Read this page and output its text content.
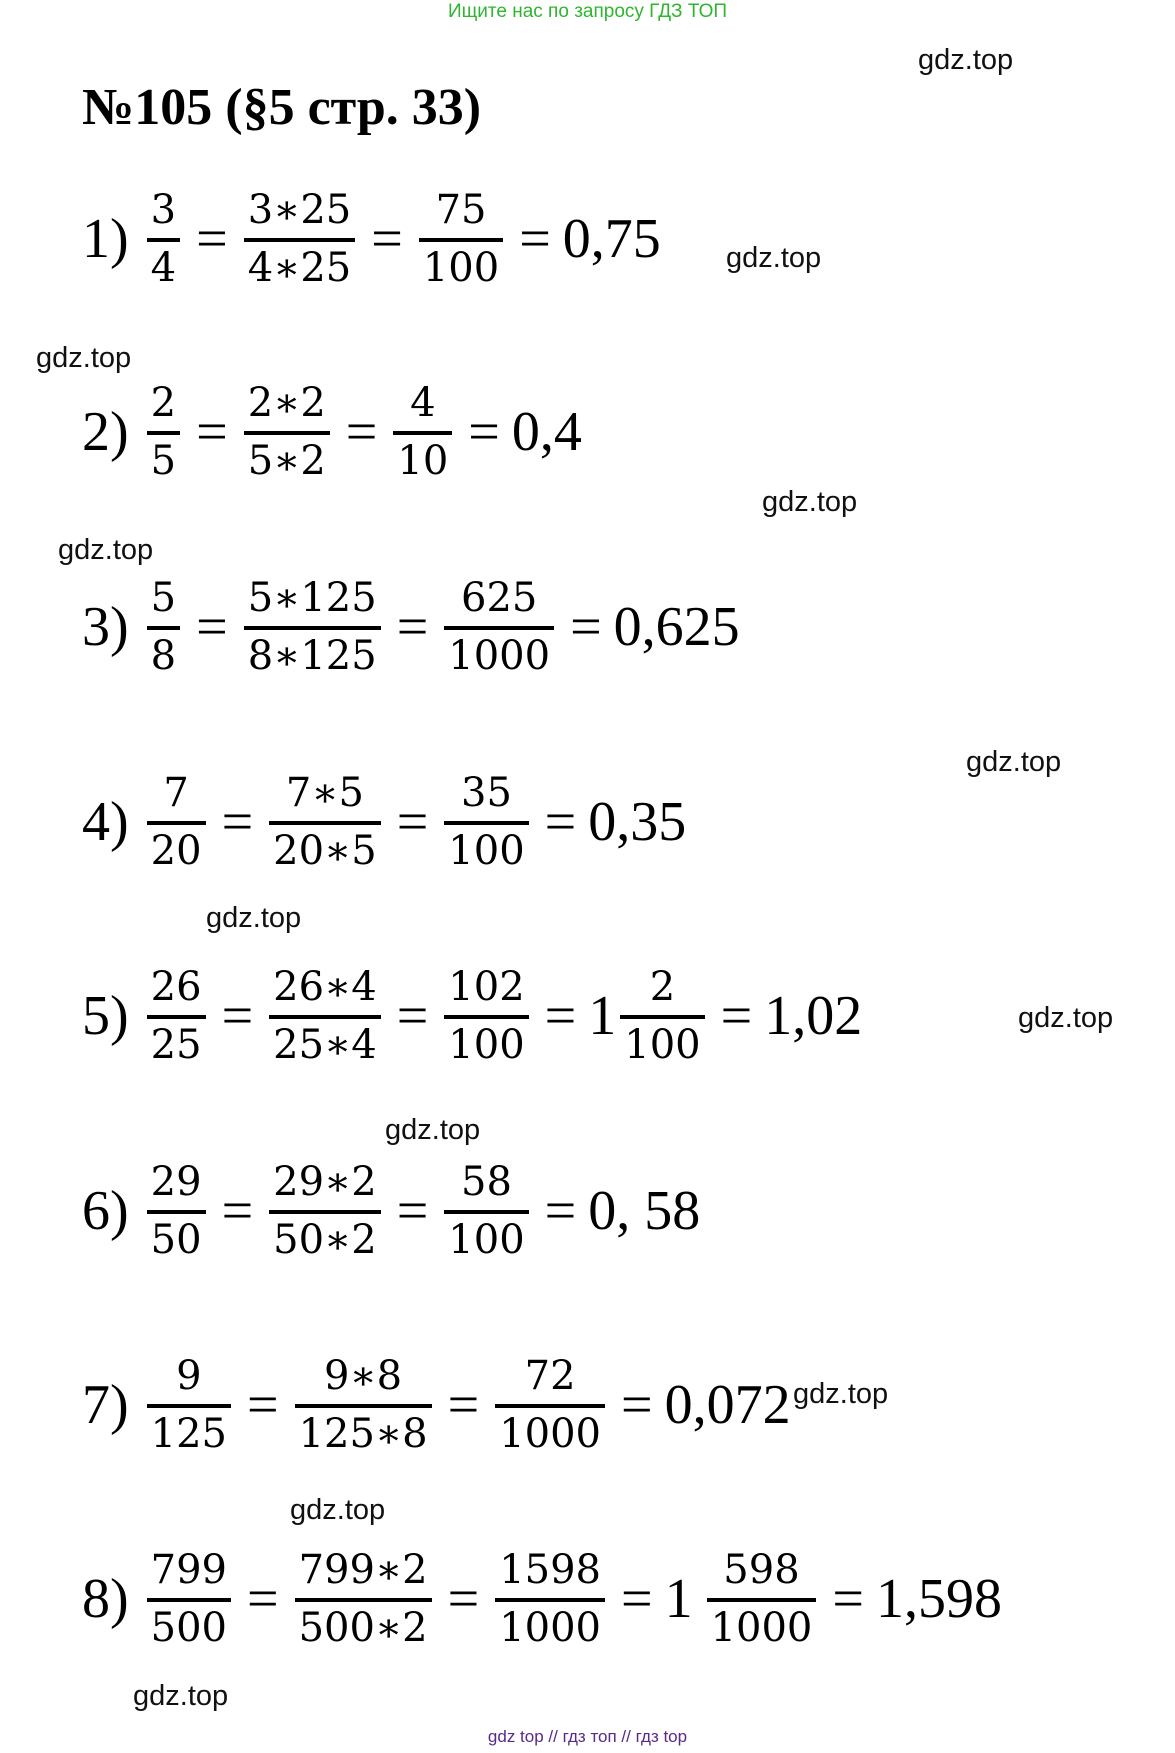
Ищите нас по запросу ГДЗ ТОП
№105 (§5 стр. 33)
gdz.top
gdz.top
gdz.top
gdz.top
gdz.top
gdz.top
gdz.top
gdz.top
gdz.top
gdz.top
gdz.top
gdz.top
$1) \frac{3}{4} = \frac{3∗25}{4∗25} = \frac{75}{100} = 0,75$
$2) \frac{2}{5} = \frac{2∗2}{5∗2} = \frac{4}{10} = 0,4$
$3) \frac{5}{8} = \frac{5∗125}{8∗125} = \frac{625}{1000} = 0,625$
$4) \frac{7}{20} = \frac{7∗5}{20∗5} = \frac{35}{100} = 0,35$
$5) \frac{26}{25} = \frac{26∗4}{25∗4} = \frac{102}{100} = 1 \frac{2}{100} = 1,02$
$6) \frac{29}{50} = \frac{29∗2}{50∗2} = \frac{58}{100} = 0$, 58
$7) \frac{9}{125} = \frac{9∗8}{125∗8} = \frac{72}{1000} = 0,072$
$8) \frac{799}{500} = \frac{799∗2}{500∗2} = \frac{1598}{1000} = 1 \frac{598}{1000} = 1,598$
gdz top // гдз топ // гдз top
